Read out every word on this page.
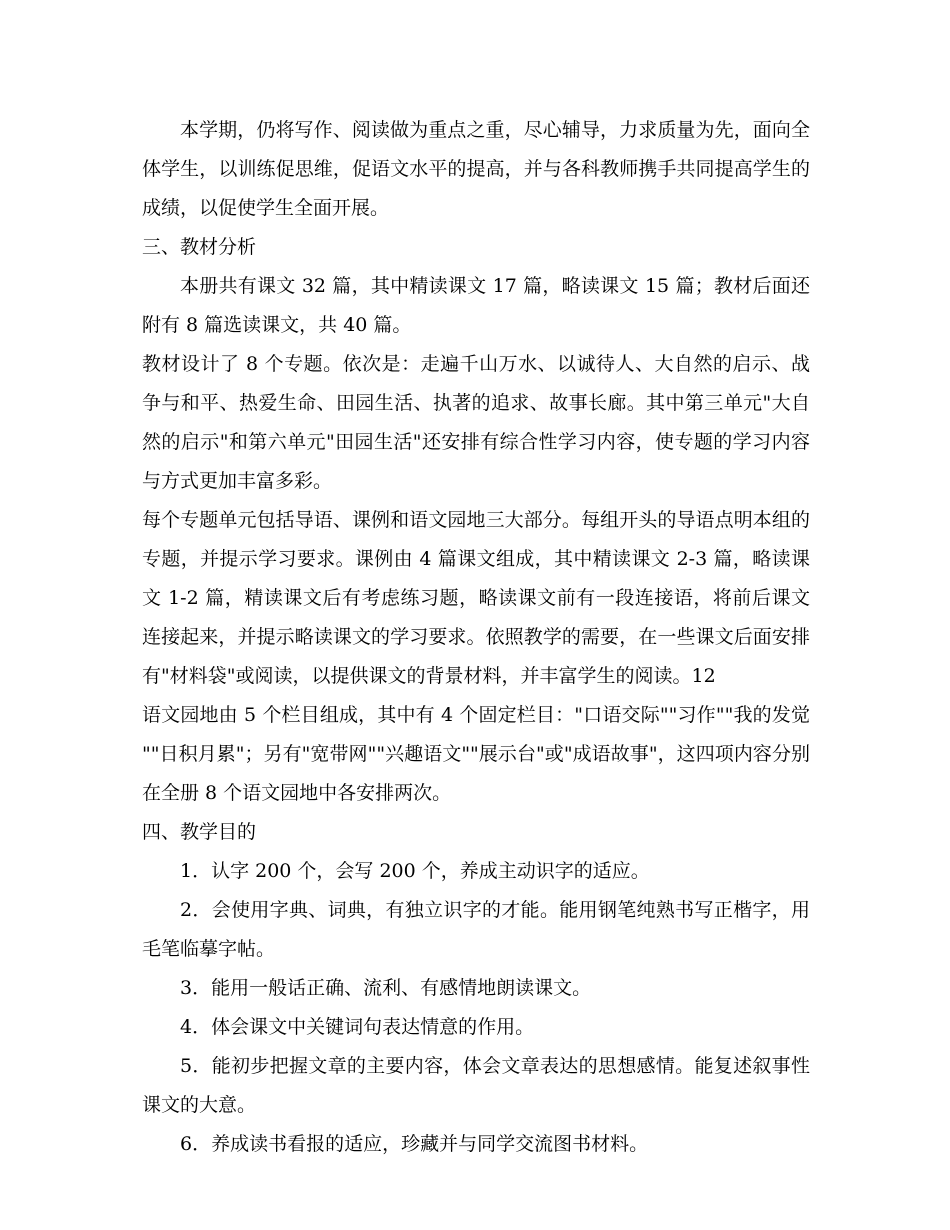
本学期，仍将写作、阅读做为重点之重，尽心辅导，力求质量为先，面向全体学生，以训练促思维，促语文水平的提高，并与各科教师携手共同提高学生的成绩，以促使学生全面开展。

三、教材分析

本册共有课文 32 篇，其中精读课文 17 篇，略读课文 15 篇；教材后面还附有 8 篇选读课文，共 40 篇。

教材设计了 8 个专题。依次是：走遍千山万水、以诚待人、大自然的启示、战争与和平、热爱生命、田园生活、执著的追求、故事长廊。其中第三单元"大自然的启示"和第六单元"田园生活"还安排有综合性学习内容，使专题的学习内容与方式更加丰富多彩。

每个专题单元包括导语、课例和语文园地三大部分。每组开头的导语点明本组的专题，并提示学习要求。课例由 4 篇课文组成，其中精读课文 2-3 篇，略读课文 1-2 篇，精读课文后有考虑练习题，略读课文前有一段连接语，将前后课文连接起来，并提示略读课文的学习要求。依照教学的需要，在一些课文后面安排有"材料袋"或阅读，以提供课文的背景材料，并丰富学生的阅读。12

语文园地由 5 个栏目组成，其中有 4 个固定栏目："口语交际""习作""我的发觉""日积月累"；另有"宽带网""兴趣语文""展示台"或"成语故事"，这四项内容分别在全册 8 个语文园地中各安排两次。

四、教学目的

1．认字 200 个，会写 200 个，养成主动识字的适应。

2．会使用字典、词典，有独立识字的才能。能用钢笔纯熟书写正楷字，用毛笔临摹字帖。

3．能用一般话正确、流利、有感情地朗读课文。

4．体会课文中关键词句表达情意的作用。

5．能初步把握文章的主要内容，体会文章表达的思想感情。能复述叙事性课文的大意。

6．养成读书看报的适应，珍藏并与同学交流图书材料。
